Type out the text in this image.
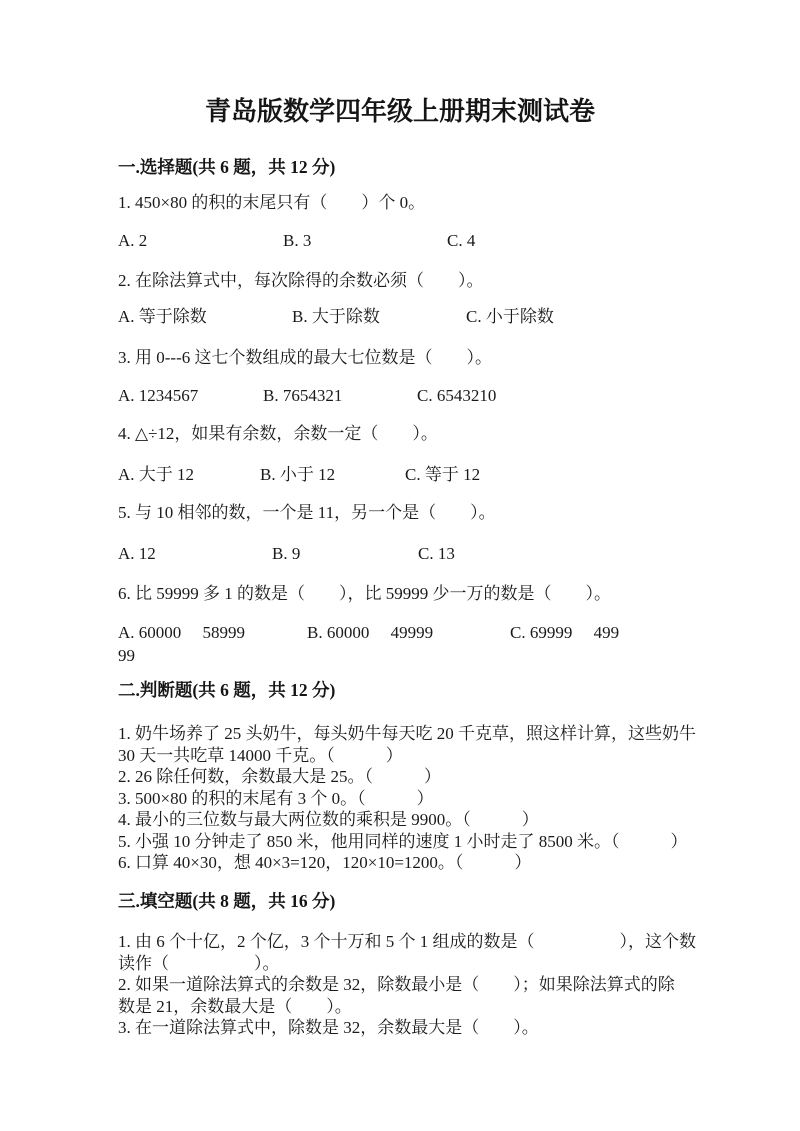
青岛版数学四年级上册期末测试卷
一.选择题(共 6 题，共 12 分)
1. 450×80 的积的末尾只有（　　）个 0。

A. 2

	B. 3

	C. 4

2. 在除法算式中，每次除得的余数必须（　　）。

A. 等于除数

	B. 大于除数

	C. 小于除数

3. 用 0---6 这七个数组成的最大七位数是（　　）。

A. 1234567

	B. 7654321

	C. 6543210

4. △÷12，如果有余数，余数一定（　　）。

A. 大于 12

	B. 小于 12

	C. 等于 12

5. 与 10 相邻的数，一个是 11，另一个是（　　）。

A. 12

	B. 9

	C. 13

6. 比 59999 多 1 的数是（　　），比 59999 少一万的数是（　　）。

A. 60000　 58999

	B. 60000　 49999

	C. 69999　 499

99
二.判断题(共 6 题，共 12 分)
1. 奶牛场养了 25 头奶牛，每头奶牛每天吃 20 千克草，照这样计算，这些奶牛
30 天一共吃草 14000 千克。（　　　）
2. 26 除任何数，余数最大是 25。（　　　）
3. 500×80 的积的末尾有 3 个 0。（　　　）
4. 最小的三位数与最大两位数的乘积是 9900。（　　　）
5. 小强 10 分钟走了 850 米，他用同样的速度 1 小时走了 8500 米。（　　　）
6. 口算 40×30，想 40×3=120，120×10=1200。（　　　）
三.填空题(共 8 题，共 16 分)
1. 由 6 个十亿，2 个亿，3 个十万和 5 个 1 组成的数是（　　　　　），这个数
读作（　　　　　）。
2. 如果一道除法算式的余数是 32，除数最小是（　　）；如果除法算式的除
数是 21，余数最大是（　　）。
3. 在一道除法算式中，除数是 32，余数最大是（　　）。
